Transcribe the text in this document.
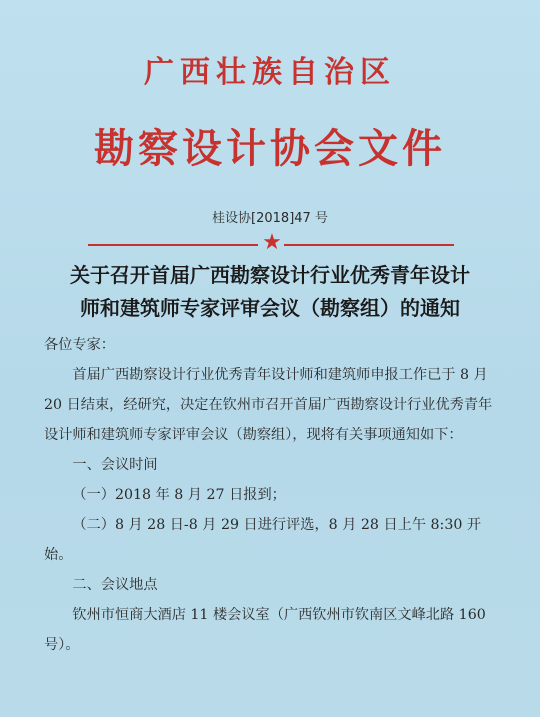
广西壮族自治区
勘察设计协会文件
桂设协[2018]47 号
★
关于召开首届广西勘察设计行业优秀青年设计
师和建筑师专家评审会议（勘察组）的通知

各位专家：

首届广西勘察设计行业优秀青年设计师和建筑师申报工作已于 8 月 20 日结束，经研究，决定在钦州市召开首届广西勘察设计行业优秀青年设计师和建筑师专家评审会议（勘察组），现将有关事项通知如下：

一、会议时间

（一）2018 年 8 月 27 日报到；

（二）8 月 28 日-8 月 29 日进行评选，8 月 28 日上午 8:30 开始。

二、会议地点

钦州市恒商大酒店 11 楼会议室（广西钦州市钦南区文峰北路 160 号）。
